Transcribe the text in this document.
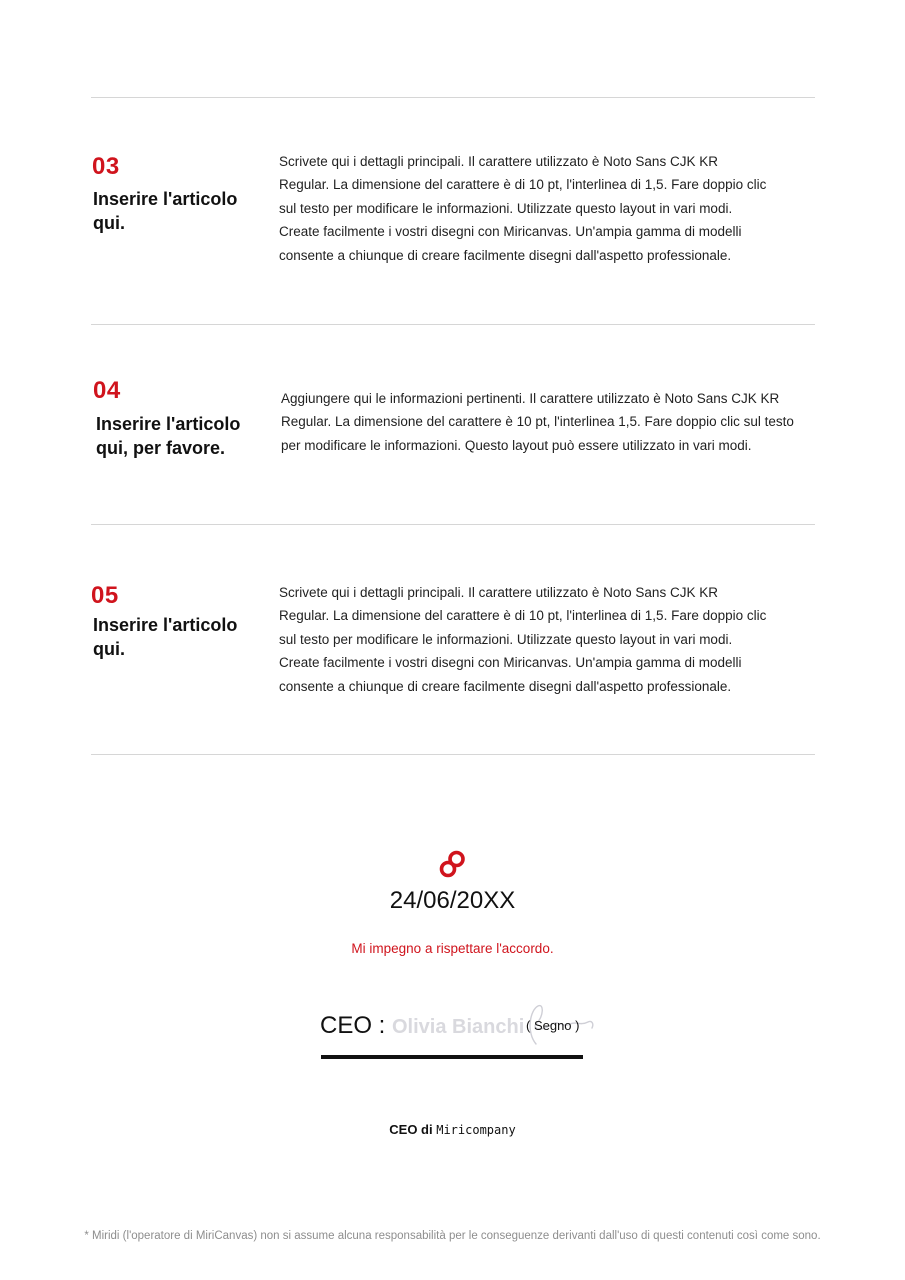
03
Inserire l'articolo
qui.
Scrivete qui i dettagli principali. Il carattere utilizzato è Noto Sans CJK KR
Regular. La dimensione del carattere è di 10 pt, l'interlinea di 1,5. Fare doppio clic
sul testo per modificare le informazioni. Utilizzate questo layout in vari modi.
Create facilmente i vostri disegni con Miricanvas. Un'ampia gamma di modelli
consente a chiunque di creare facilmente disegni dall'aspetto professionale.
04
Inserire l'articolo
qui, per favore.
Aggiungere qui le informazioni pertinenti. Il carattere utilizzato è Noto Sans CJK KR
Regular. La dimensione del carattere è 10 pt, l'interlinea 1,5. Fare doppio clic sul testo
per modificare le informazioni. Questo layout può essere utilizzato in vari modi.
05
Inserire l'articolo
qui.
Scrivete qui i dettagli principali. Il carattere utilizzato è Noto Sans CJK KR
Regular. La dimensione del carattere è di 10 pt, l'interlinea di 1,5. Fare doppio clic
sul testo per modificare le informazioni. Utilizzate questo layout in vari modi.
Create facilmente i vostri disegni con Miricanvas. Un'ampia gamma di modelli
consente a chiunque di creare facilmente disegni dall'aspetto professionale.
24/06/20XX
Mi impegno a rispettare l'accordo.
CEO : Olivia Bianchi ( Segno )
CEO di Miricompany
* Miridi (l'operatore di MiriCanvas) non si assume alcuna responsabilità per le conseguenze derivanti dall'uso di questi contenuti così come sono.
